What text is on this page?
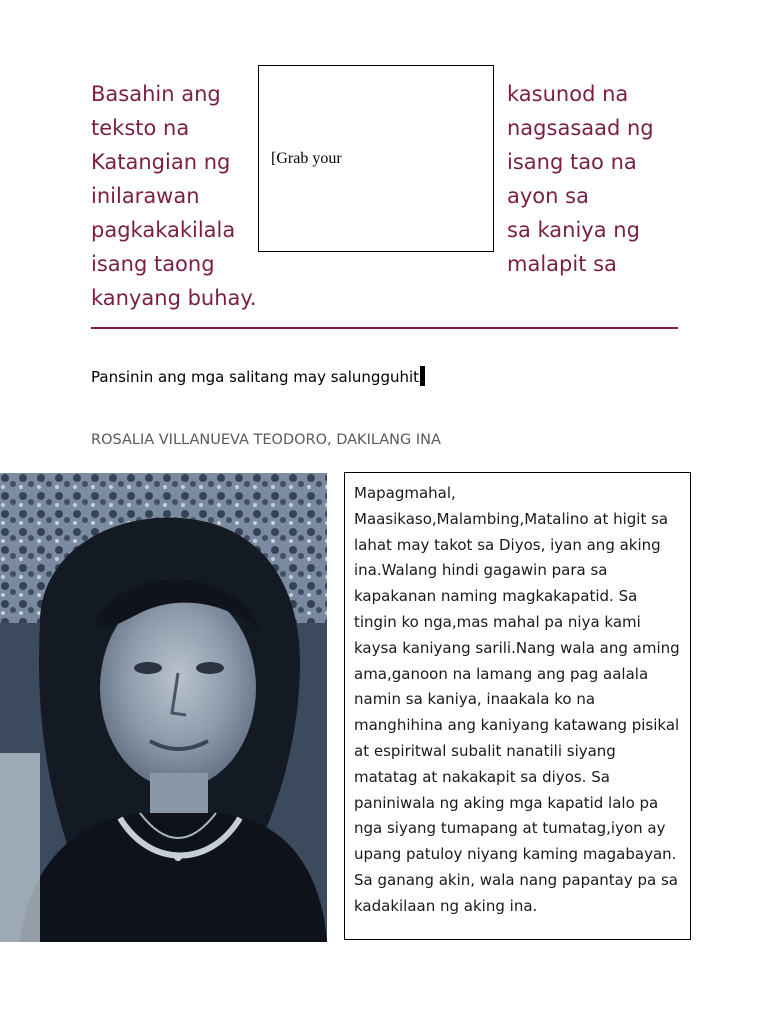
Basahin ang
teksto na
Katangian ng
inilarawan
pagkakakilala
isang taong
kanyang buhay.
[Grab your
kasunod na
nagsasaad ng
isang tao na
ayon sa
sa kaniya ng
malapit sa
Pansinin ang mga salitang may salungguhit
ROSALIA VILLANUEVA TEODORO, DAKILANG INA
Mapagmahal,
Maasikaso,Malambing,Matalino at higit sa
lahat may takot sa Diyos, iyan ang aking
ina.Walang hindi gagawin para sa
kapakanan naming magkakapatid. Sa
tingin ko nga,mas mahal pa niya kami
kaysa kaniyang sarili.Nang wala ang aming
ama,ganoon na lamang ang pag aalala
namin sa kaniya, inaakala ko na
manghihina ang kaniyang katawang pisikal
at espiritwal subalit nanatili siyang
matatag at nakakapit sa diyos. Sa
paniniwala ng aking mga kapatid lalo pa
nga siyang tumapang at tumatag,iyon ay
upang patuloy niyang kaming magabayan.
Sa ganang akin, wala nang papantay pa sa
kadakilaan ng aking ina.
